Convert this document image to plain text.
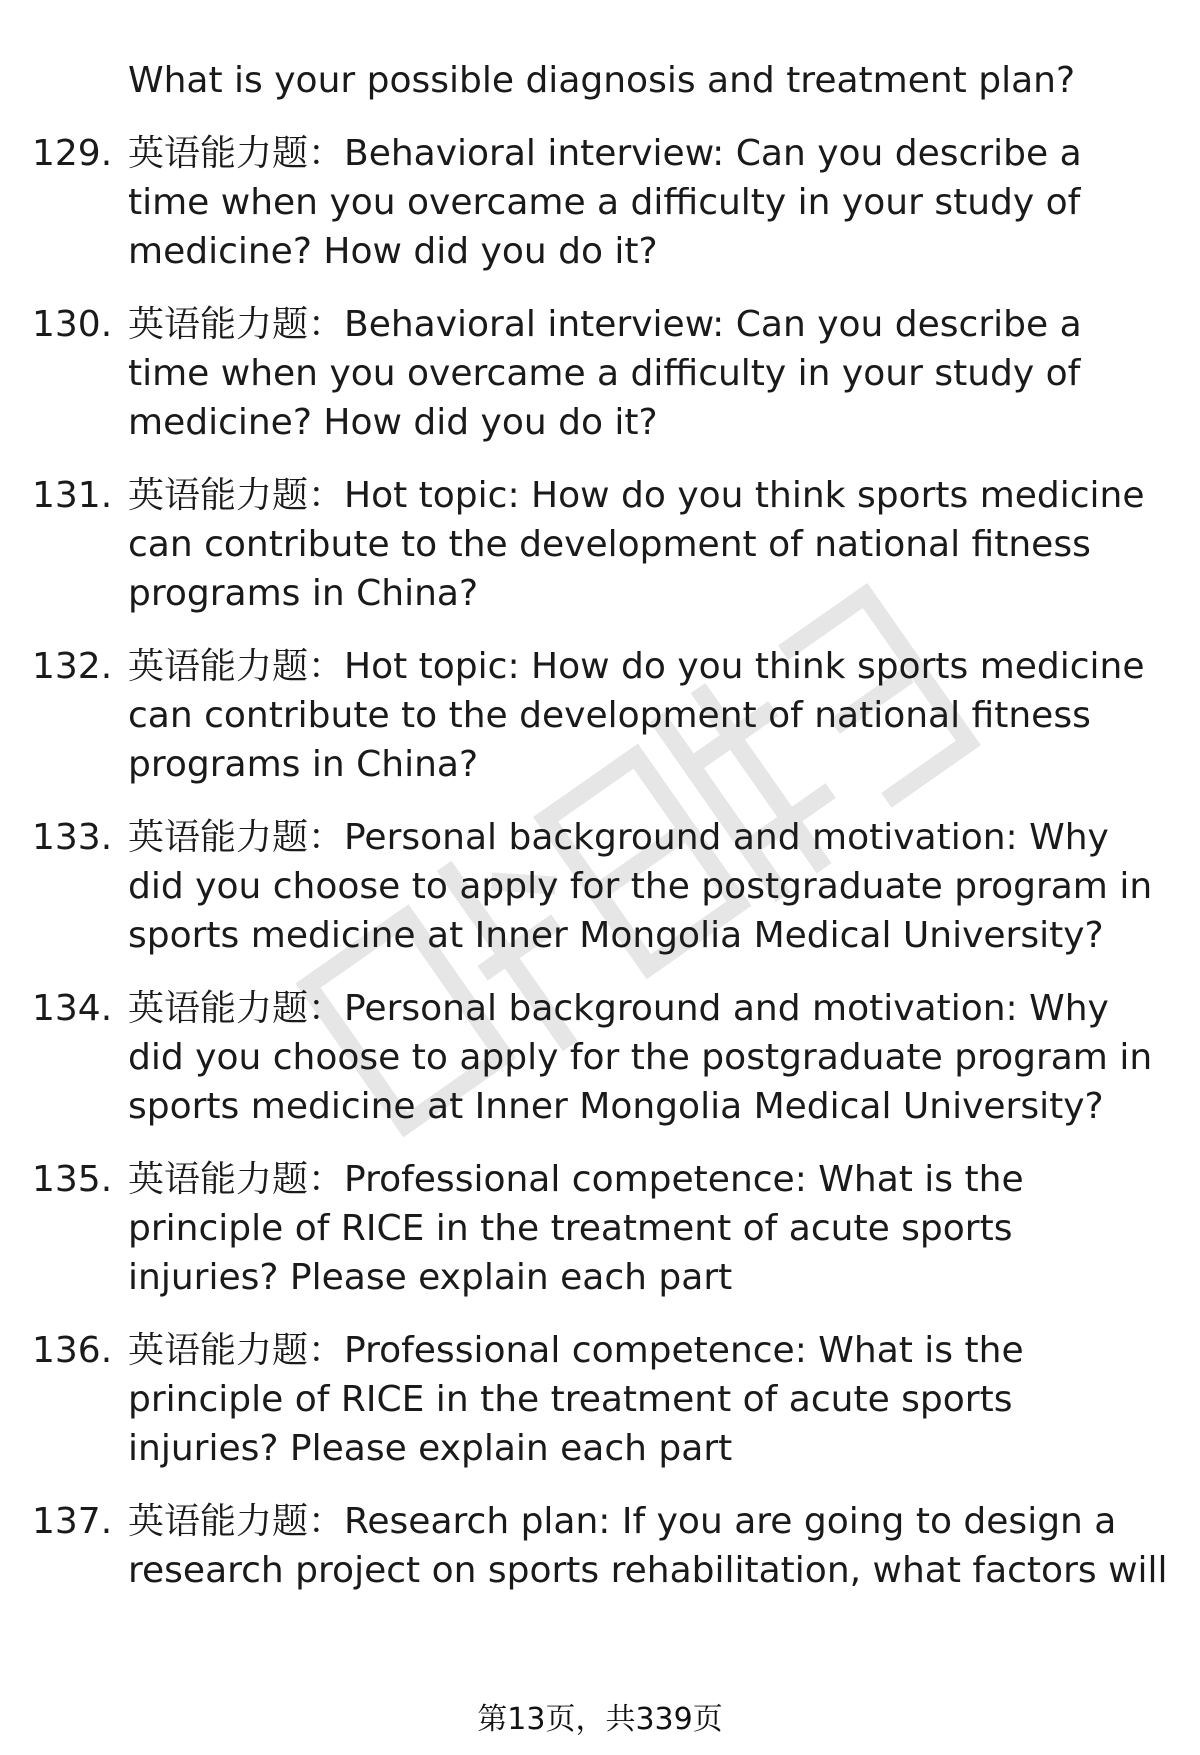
What is your possible diagnosis and treatment plan?
129. 英语能力题：Behavioral interview: Can you describe a time when you overcame a difficulty in your study of medicine? How did you do it?
130. 英语能力题：Behavioral interview: Can you describe a time when you overcame a difficulty in your study of medicine? How did you do it?
131. 英语能力题：Hot topic: How do you think sports medicine can contribute to the development of national fitness programs in China?
132. 英语能力题：Hot topic: How do you think sports medicine can contribute to the development of national fitness programs in China?
133. 英语能力题：Personal background and motivation: Why did you choose to apply for the postgraduate program in sports medicine at Inner Mongolia Medical University?
134. 英语能力题：Personal background and motivation: Why did you choose to apply for the postgraduate program in sports medicine at Inner Mongolia Medical University?
135. 英语能力题：Professional competence: What is the principle of RICE in the treatment of acute sports injuries? Please explain each part
136. 英语能力题：Professional competence: What is the principle of RICE in the treatment of acute sports injuries? Please explain each part
137. 英语能力题：Research plan: If you are going to design a research project on sports rehabilitation, what factors will
第13页，共339页
